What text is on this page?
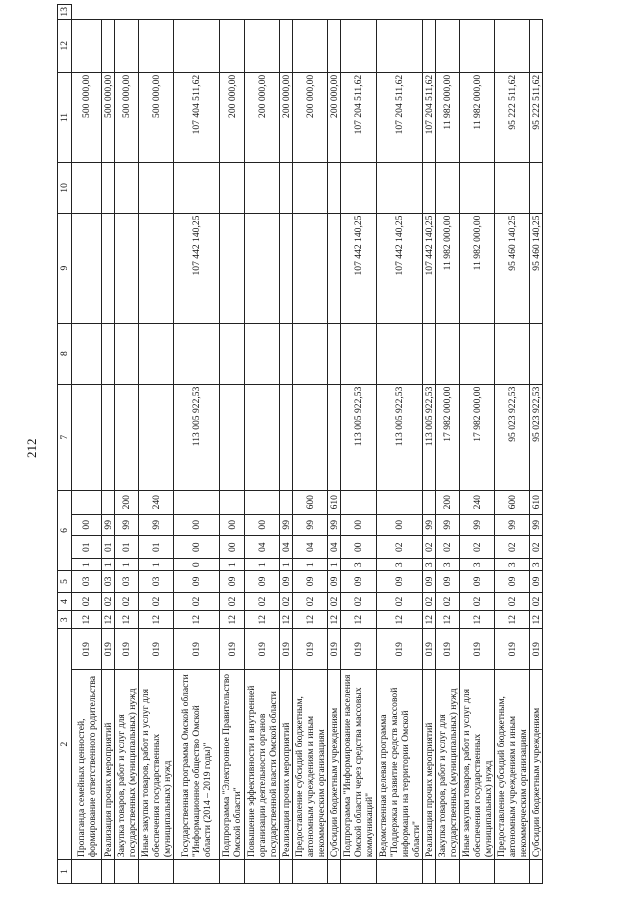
212
1	2		3	4	5	6				7	8	9	10	11	12	13
	Пропаганда семейных ценностей, формирование ответственного родительства	019	12	02	03	1	01	00						500 000,00		
	Реализация прочих мероприятий	019	12	02	03	1	01	99						500 000,00		
	Закупка товаров, работ и услуг для государственных (муниципальных) нужд	019	12	02	03	1	01	99	200					500 000,00		
	Иные закупки товаров, работ и услуг для обеспечения государственных (муниципальных) нужд	019	12	02	03	1	01	99	240					500 000,00		
	Государственная программа Омской области "Информационное общество Омской области (2014 – 2019 годы)"	019	12	02	09	0	00	00		113 005 922,53		107 442 140,25		107 404 511,62		
	Подпрограмма "Электронное Правительство Омской области"	019	12	02	09	1	00	00						200 000,00		
	Повышение эффективности и внутренней организации деятельности органов государственной власти Омской области	019	12	02	09	1	04	00						200 000,00		
	Реализация прочих мероприятий	019	12	02	09	1	04	99						200 000,00		
	Предоставление субсидий бюджетным, автономным учреждениям и иным некоммерческим организациям	019	12	02	09	1	04	99	600					200 000,00		
	Субсидии бюджетным учреждениям	019	12	02	09	1	04	99	610					200 000,00		
	Подпрограмма "Информирование населения Омской области через средства массовых коммуникаций"	019	12	02	09	3	00	00		113 005 922,53		107 442 140,25		107 204 511,62		
	Ведомственная целевая программа "Поддержка и развитие средств массовой информации на территории Омской области"	019	12	02	09	3	02	00		113 005 922,53		107 442 140,25		107 204 511,62		
	Реализация прочих мероприятий	019	12	02	09	3	02	99		113 005 922,53		107 442 140,25		107 204 511,62		
	Закупка товаров, работ и услуг для государственных (муниципальных) нужд	019	12	02	09	3	02	99	200	17 982 000,00		11 982 000,00		11 982 000,00		
	Иные закупки товаров, работ и услуг для обеспечения государственных (муниципальных) нужд	019	12	02	09	3	02	99	240	17 982 000,00		11 982 000,00		11 982 000,00		
	Предоставление субсидий бюджетным, автономным учреждениям и иным некоммерческим организациям	019	12	02	09	3	02	99	600	95 023 922,53		95 460 140,25		95 222 511,62		
	Субсидии бюджетным учреждениям	019	12	02	09	3	02	99	610	95 023 922,53		95 460 140,25		95 222 511,62		
